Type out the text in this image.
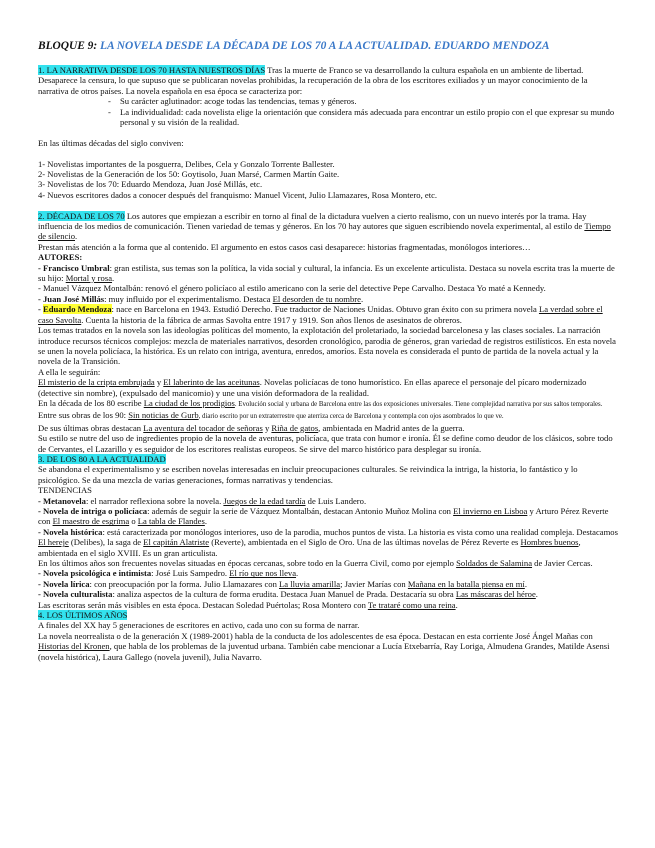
BLOQUE 9: LA NOVELA DESDE LA DÉCADA DE LOS 70 A LA ACTUALIDAD. EDUARDO MENDOZA

1. LA NARRATIVA DESDE LOS 70 HASTA NUESTROS DÍAS Tras la muerte de Franco se va desarrollando la cultura española en un ambiente de libertad. Desaparece la censura, lo que supuso que se publicaran novelas prohibidas, la recuperación de la obra de los escritores exiliados y un mayor conocimiento de la narrativa de otros países. La novela española en esa época se caracteriza por:

- Su carácter aglutinador: acoge todas las tendencias, temas y géneros.
- La individualidad: cada novelista elige la orientación que considera más adecuada para encontrar un estilo propio con el que expresar su mundo personal y su visión de la realidad.

En las últimas décadas del siglo conviven:

1- Novelistas importantes de la posguerra, Delibes, Cela y Gonzalo Torrente Ballester.
2- Novelistas de la Generación de los 50: Goytisolo, Juan Marsé, Carmen Martín Gaite.
3- Novelistas de los 70: Eduardo Mendoza, Juan José Millás, etc.
4- Nuevos escritores dados a conocer después del franquismo: Manuel Vicent, Julio Llamazares, Rosa Montero, etc.

2. DÉCADA DE LOS 70 Los autores que empiezan a escribir en torno al final de la dictadura vuelven a cierto realismo, con un nuevo interés por la trama. Hay influencia de los medios de comunicación. Tienen variedad de temas y géneros. En los 70 hay autores que siguen escribiendo novela experimental, al estilo de Tiempo de silencio.

Prestan más atención a la forma que al contenido. El argumento en estos casos casi desaparece: historias fragmentadas, monólogos interiores…

AUTORES:

- Francisco Umbral: gran estilista, sus temas son la política, la vida social y cultural, la infancia. Es un excelente articulista. Destaca su novela escrita tras la muerte de su hijo: Mortal y rosa.

- Manuel Vázquez Montalbán: renovó el género policíaco al estilo americano con la serie del detective Pepe Carvalho. Destaca Yo maté a Kennedy.

- Juan José Millás: muy influido por el experimentalismo. Destaca El desorden de tu nombre.

- Eduardo Mendoza: nace en Barcelona en 1943. Estudió Derecho. Fue traductor de Naciones Unidas. Obtuvo gran éxito con su primera novela La verdad sobre el caso Savolta. Cuenta la historia de la fábrica de armas Savolta entre 1917 y 1919. Son años llenos de asesinatos de obreros.

Los temas tratados en la novela son las ideologías políticas del momento, la explotación del proletariado, la sociedad barcelonesa y las clases sociales. La narración introduce recursos técnicos complejos: mezcla de materiales narrativos, desorden cronológico, parodia de géneros, gran variedad de registros estilísticos. En esta novela se unen la novela policíaca, la histórica. Es un relato con intriga, aventura, enredos, amoríos. Esta novela es considerada el punto de partida de la novela actual y la novela de la Transición.

A ella le seguirán:

El misterio de la cripta embrujada y El laberinto de las aceitunas. Novelas policíacas de tono humorístico. En ellas aparece el personaje del pícaro modernizado (detective sin nombre), (expulsado del manicomio) y une una visión deformadora de la realidad.

En la década de los 80 escribe La ciudad de los prodigios. Evolución social y urbana de Barcelona entre las dos exposiciones universales. Tiene complejidad narrativa por sus saltos temporales.

Entre sus obras de los 90: Sin noticias de Gurb, diario escrito por un extraterrestre que aterriza cerca de Barcelona y contempla con ojos asombrados lo que ve.

De sus últimas obras destacan La aventura del tocador de señoras y Riña de gatos, ambientada en Madrid antes de la guerra.

Su estilo se nutre del uso de ingredientes propio de la novela de aventuras, policíaca, que trata con humor e ironía. Él se define como deudor de los clásicos, sobre todo de Cervantes, el Lazarillo y es seguidor de los escritores realistas europeos. Se sirve del marco histórico para desplegar su ironía.

3. DE LOS 80 A LA ACTUALIDAD

Se abandona el experimentalismo y se escriben novelas interesadas en incluir preocupaciones culturales. Se reivindica la intriga, la historia, lo fantástico y lo psicológico. Se da una mezcla de varias generaciones, formas narrativas y tendencias.

TENDENCIAS

- Metanovela: el narrador reflexiona sobre la novela. Juegos de la edad tardía de Luis Landero.

- Novela de intriga o policíaca: además de seguir la serie de Vázquez Montalbán, destacan Antonio Muñoz Molina con El invierno en Lisboa y Arturo Pérez Reverte con El maestro de esgrima o La tabla de Flandes.

- Novela histórica: está caracterizada por monólogos interiores, uso de la parodia, muchos puntos de vista. La historia es vista como una realidad compleja. Destacamos El hereje (Delibes), la saga de El capitán Alatriste (Reverte), ambientada en el Siglo de Oro. Una de las últimas novelas de Pérez Reverte es Hombres buenos, ambientada en el siglo XVIII. Es un gran articulista.

En los últimos años son frecuentes novelas situadas en épocas cercanas, sobre todo en la Guerra Civil, como por ejemplo Soldados de Salamina de Javier Cercas.

- Novela psicológica e intimista: José Luis Sampedro. El río que nos lleva.

- Novela lírica: con preocupación por la forma. Julio Llamazares con La lluvia amarilla; Javier Marías con Mañana en la batalla piensa en mí.

- Novela culturalista: analiza aspectos de la cultura de forma erudita. Destaca Juan Manuel de Prada. Destacaría su obra Las máscaras del héroe.

Las escritoras serán más visibles en esta época. Destacan Soledad Puértolas; Rosa Montero con Te trataré como una reina.

4. LOS ÚLTIMOS AÑOS

A finales del XX hay 5 generaciones de escritores en activo, cada uno con su forma de narrar.

La novela neorrealista o de la generación X (1989-2001) habla de la conducta de los adolescentes de esa época. Destacan en esta corriente José Ángel Mañas con Historias del Kronen, que habla de los problemas de la juventud urbana. También cabe mencionar a Lucía Etxebarría, Ray Loriga, Almudena Grandes, Matilde Asensi (novela histórica), Laura Gallego (novela juvenil), Julia Navarro.
